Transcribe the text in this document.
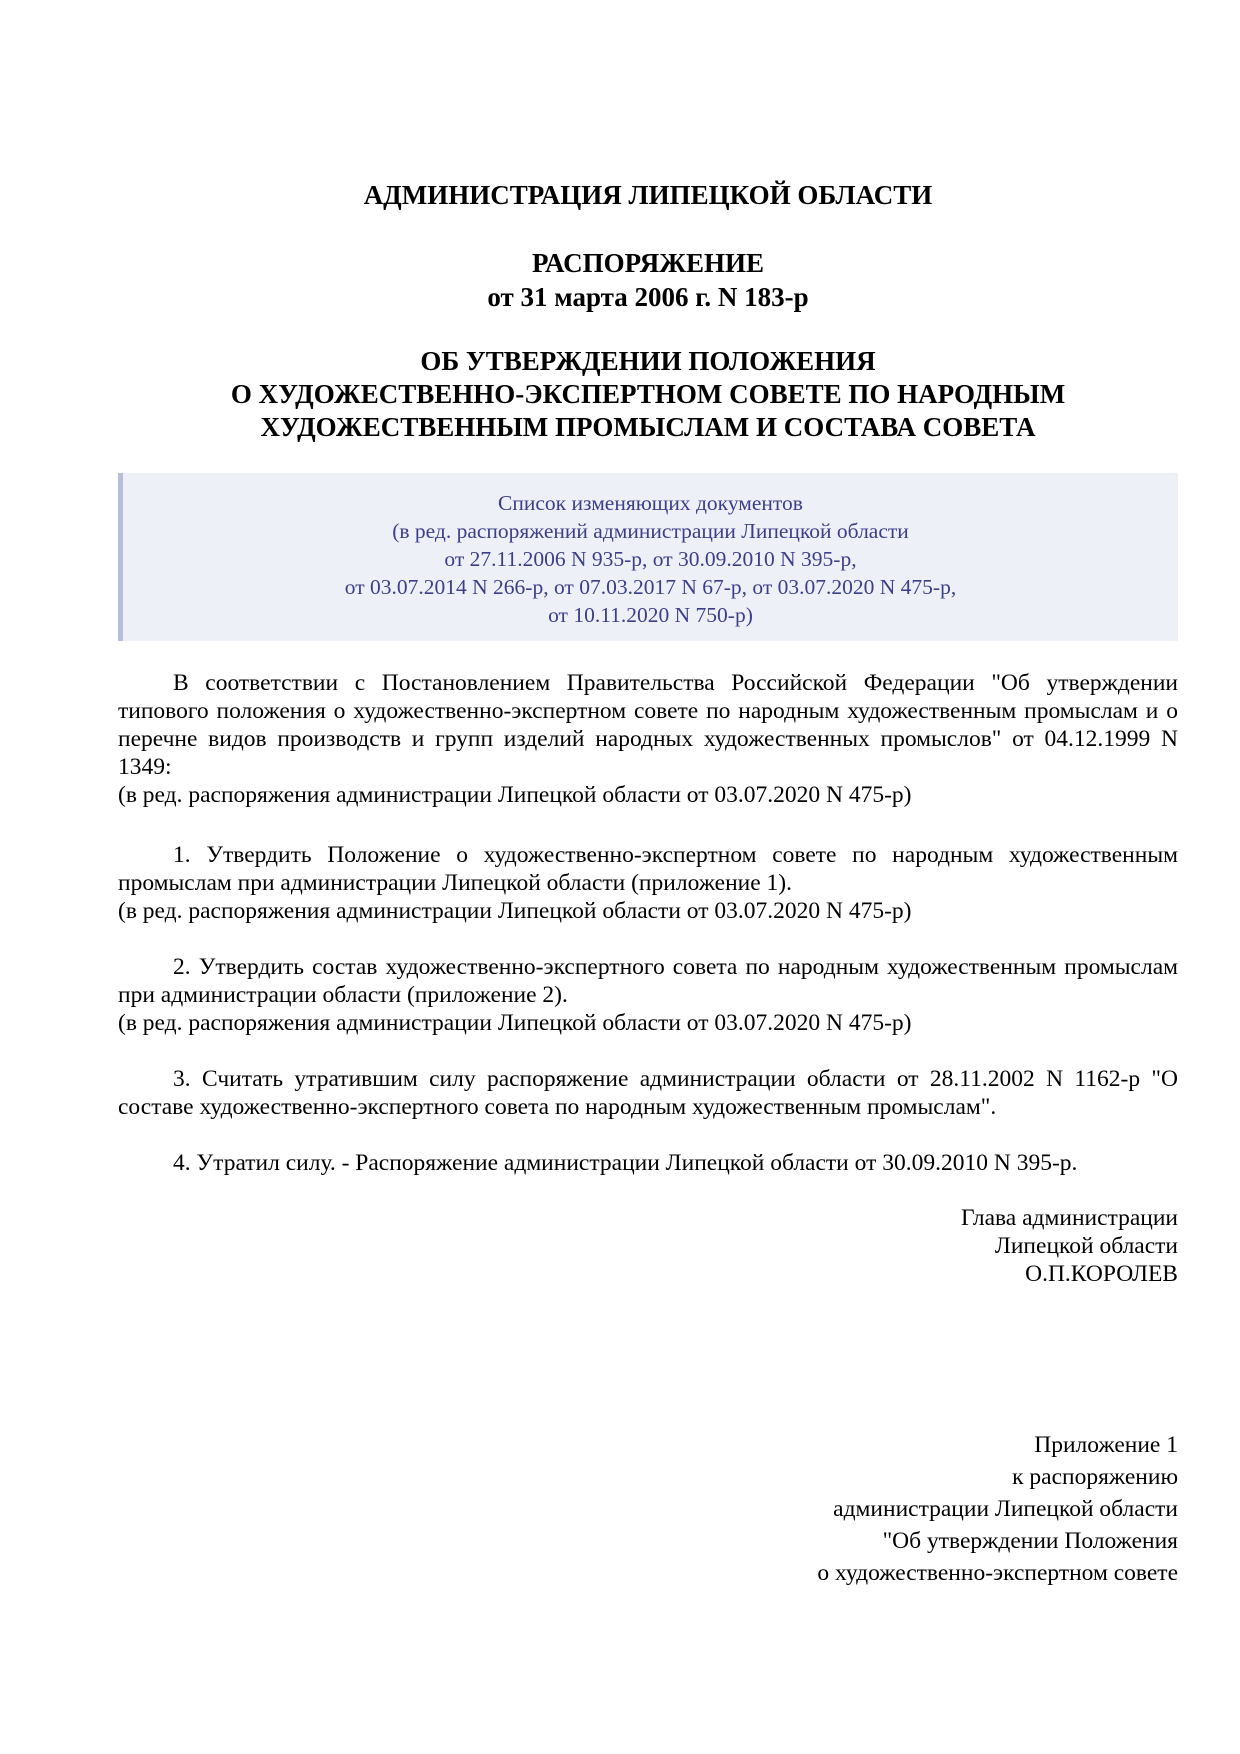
АДМИНИСТРАЦИЯ ЛИПЕЦКОЙ ОБЛАСТИ
РАСПОРЯЖЕНИЕ
от 31 марта 2006 г. N 183-р
ОБ УТВЕРЖДЕНИИ ПОЛОЖЕНИЯ
О ХУДОЖЕСТВЕННО-ЭКСПЕРТНОМ СОВЕТЕ ПО НАРОДНЫМ
ХУДОЖЕСТВЕННЫМ ПРОМЫСЛАМ И СОСТАВА СОВЕТА
Список изменяющих документов
(в ред. распоряжений администрации Липецкой области
от 27.11.2006 N 935-р, от 30.09.2010 N 395-р,
от 03.07.2014 N 266-р, от 07.03.2017 N 67-р, от 03.07.2020 N 475-р,
от 10.11.2020 N 750-р)
В соответствии с Постановлением Правительства Российской Федерации "Об утверждении типового положения о художественно-экспертном совете по народным художественным промыслам и о перечне видов производств и групп изделий народных художественных промыслов" от 04.12.1999 N 1349:
(в ред. распоряжения администрации Липецкой области от 03.07.2020 N 475-р)
1. Утвердить Положение о художественно-экспертном совете по народным художественным промыслам при администрации Липецкой области (приложение 1).
(в ред. распоряжения администрации Липецкой области от 03.07.2020 N 475-р)
2. Утвердить состав художественно-экспертного совета по народным художественным промыслам при администрации области (приложение 2).
(в ред. распоряжения администрации Липецкой области от 03.07.2020 N 475-р)
3. Считать утратившим силу распоряжение администрации области от 28.11.2002 N 1162-р "О составе художественно-экспертного совета по народным художественным промыслам".
4. Утратил силу. - Распоряжение администрации Липецкой области от 30.09.2010 N 395-р.
Глава администрации
Липецкой области
О.П.КОРОЛЕВ
Приложение 1
к распоряжению
администрации Липецкой области
"Об утверждении Положения
о художественно-экспертном совете
